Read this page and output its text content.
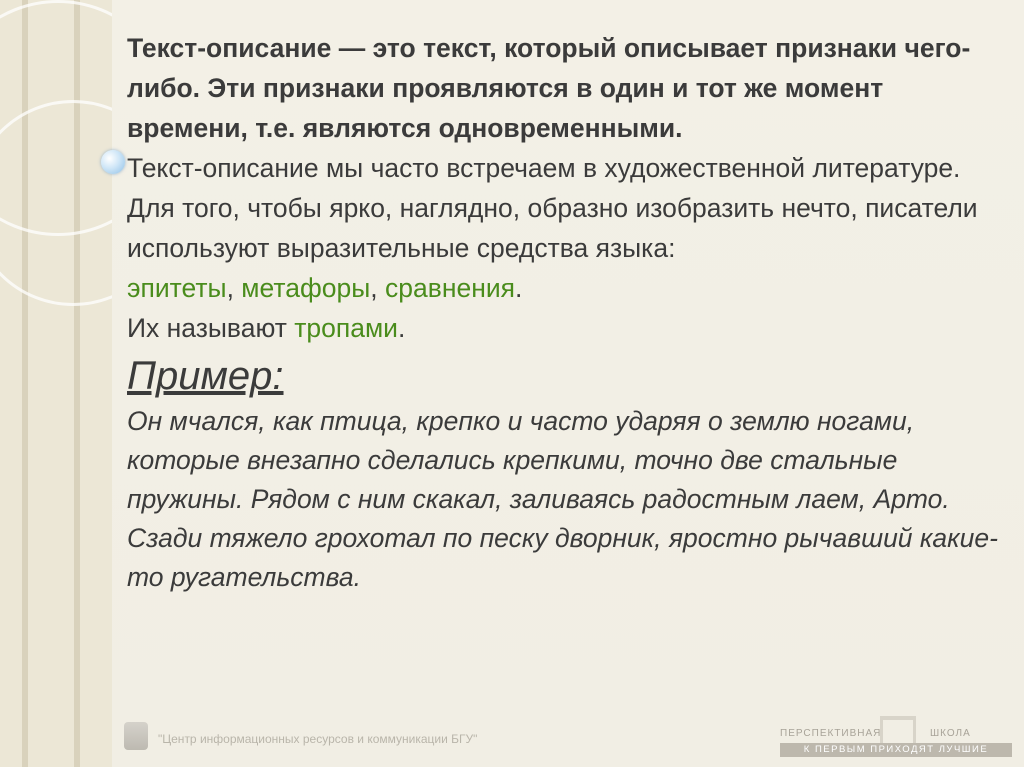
Текст-описание — это текст, который описывает признаки чего-либо. Эти признаки проявляются в один и тот же момент времени, т.е. являются одновременными.

Текст-описание мы часто встречаем в художественной литературе. Для того, чтобы ярко, наглядно, образно изобразить нечто, писатели используют выразительные средства языка:

эпитеты, метафоры, сравнения.

Их называют тропами.

Пример:

Он мчался, как птица, крепко и часто ударяя о землю ногами, которые внезапно сделались крепкими, точно две стальные пружины. Рядом с ним скакал, заливаясь радостным лаем, Арто. Сзади тяжело грохотал по песку дворник, яростно рычавший какие-то ругательства.

"Центр информационных ресурсов и коммуникации БГУ"	ПЕРСПЕКТИВНАЯ	ШКОЛА
К ПЕРВЫМ ПРИХОДЯТ ЛУЧШИЕ
